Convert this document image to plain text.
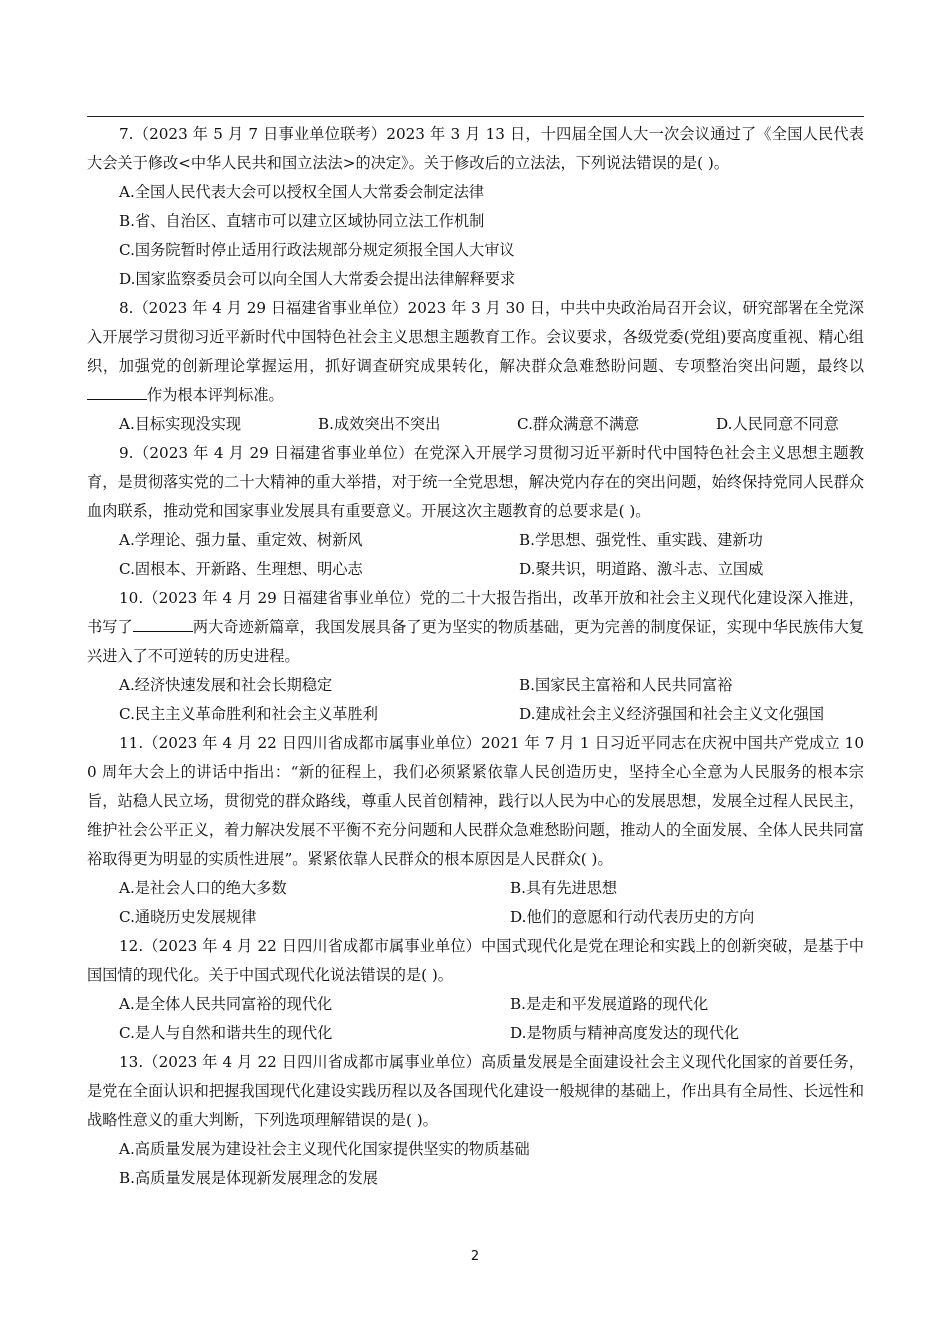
7.（2023 年 5 月 7 日事业单位联考）2023 年 3 月 13 日，十四届全国人大一次会议通过了《全国人民代表大会关于修改<中华人民共和国立法法>的决定》。关于修改后的立法法，下列说法错误的是( )。

A.全国人民代表大会可以授权全国人大常委会制定法律

B.省、自治区、直辖市可以建立区域协同立法工作机制

C.国务院暂时停止适用行政法规部分规定须报全国人大审议

D.国家监察委员会可以向全国人大常委会提出法律解释要求

8.（2023 年 4 月 29 日福建省事业单位）2023 年 3 月 30 日，中共中央政治局召开会议，研究部署在全党深入开展学习贯彻习近平新时代中国特色社会主义思想主题教育工作。会议要求，各级党委(党组)要高度重视、精心组织，加强党的创新理论掌握运用，抓好调查研究成果转化，解决群众急难愁盼问题、专项整治突出问题，最终以作为根本评判标准。

A.目标实现没实现	B.成效突出不突出	C.群众满意不满意	D.人民同意不同意

9.（2023 年 4 月 29 日福建省事业单位）在党深入开展学习贯彻习近平新时代中国特色社会主义思想主题教育，是贯彻落实党的二十大精神的重大举措，对于统一全党思想，解决党内存在的突出问题，始终保持党同人民群众血肉联系，推动党和国家事业发展具有重要意义。开展这次主题教育的总要求是( )。

A.学理论、强力量、重定效、树新风	B.学思想、强党性、重实践、建新功
C.固根本、开新路、生理想、明心志	D.聚共识，明道路、激斗志、立国威

10.（2023 年 4 月 29 日福建省事业单位）党的二十大报告指出，改革开放和社会主义现代化建设深入推进，书写了	两大奇迹新篇章，我国发展具备了更为坚实的物质基础，更为完善的制度保证，实现中华民族伟大复兴进入了不可逆转的历史进程。

A.经济快速发展和社会长期稳定	B.国家民主富裕和人民共同富裕
C.民主主义革命胜利和社会主义革胜利	D.建成社会主义经济强国和社会主义文化强国

11.（2023 年 4 月 22 日四川省成都市属事业单位）2021 年 7 月 1 日习近平同志在庆祝中国共产党成立 100 周年大会上的讲话中指出：“新的征程上，我们必须紧紧依靠人民创造历史，坚持全心全意为人民服务的根本宗旨，站稳人民立场，贯彻党的群众路线，尊重人民首创精神，践行以人民为中心的发展思想，发展全过程人民民主，维护社会公平正义，着力解决发展不平衡不充分问题和人民群众急难愁盼问题，推动人的全面发展、全体人民共同富裕取得更为明显的实质性进展”。紧紧依靠人民群众的根本原因是人民群众( )。

A.是社会人口的绝大多数	B.具有先进思想
C.通晓历史发展规律	D.他们的意愿和行动代表历史的方向

12.（2023 年 4 月 22 日四川省成都市属事业单位）中国式现代化是党在理论和实践上的创新突破，是基于中国国情的现代化。关于中国式现代化说法错误的是( )。

A.是全体人民共同富裕的现代化	B.是走和平发展道路的现代化
C.是人与自然和谐共生的现代化	D.是物质与精神高度发达的现代化

13.（2023 年 4 月 22 日四川省成都市属事业单位）高质量发展是全面建设社会主义现代化国家的首要任务，是党在全面认识和把握我国现代化建设实践历程以及各国现代化建设一般规律的基础上，作出具有全局性、长远性和战略性意义的重大判断，下列选项理解错误的是( )。

A.高质量发展为建设社会主义现代化国家提供坚实的物质基础

B.高质量发展是体现新发展理念的发展

2
